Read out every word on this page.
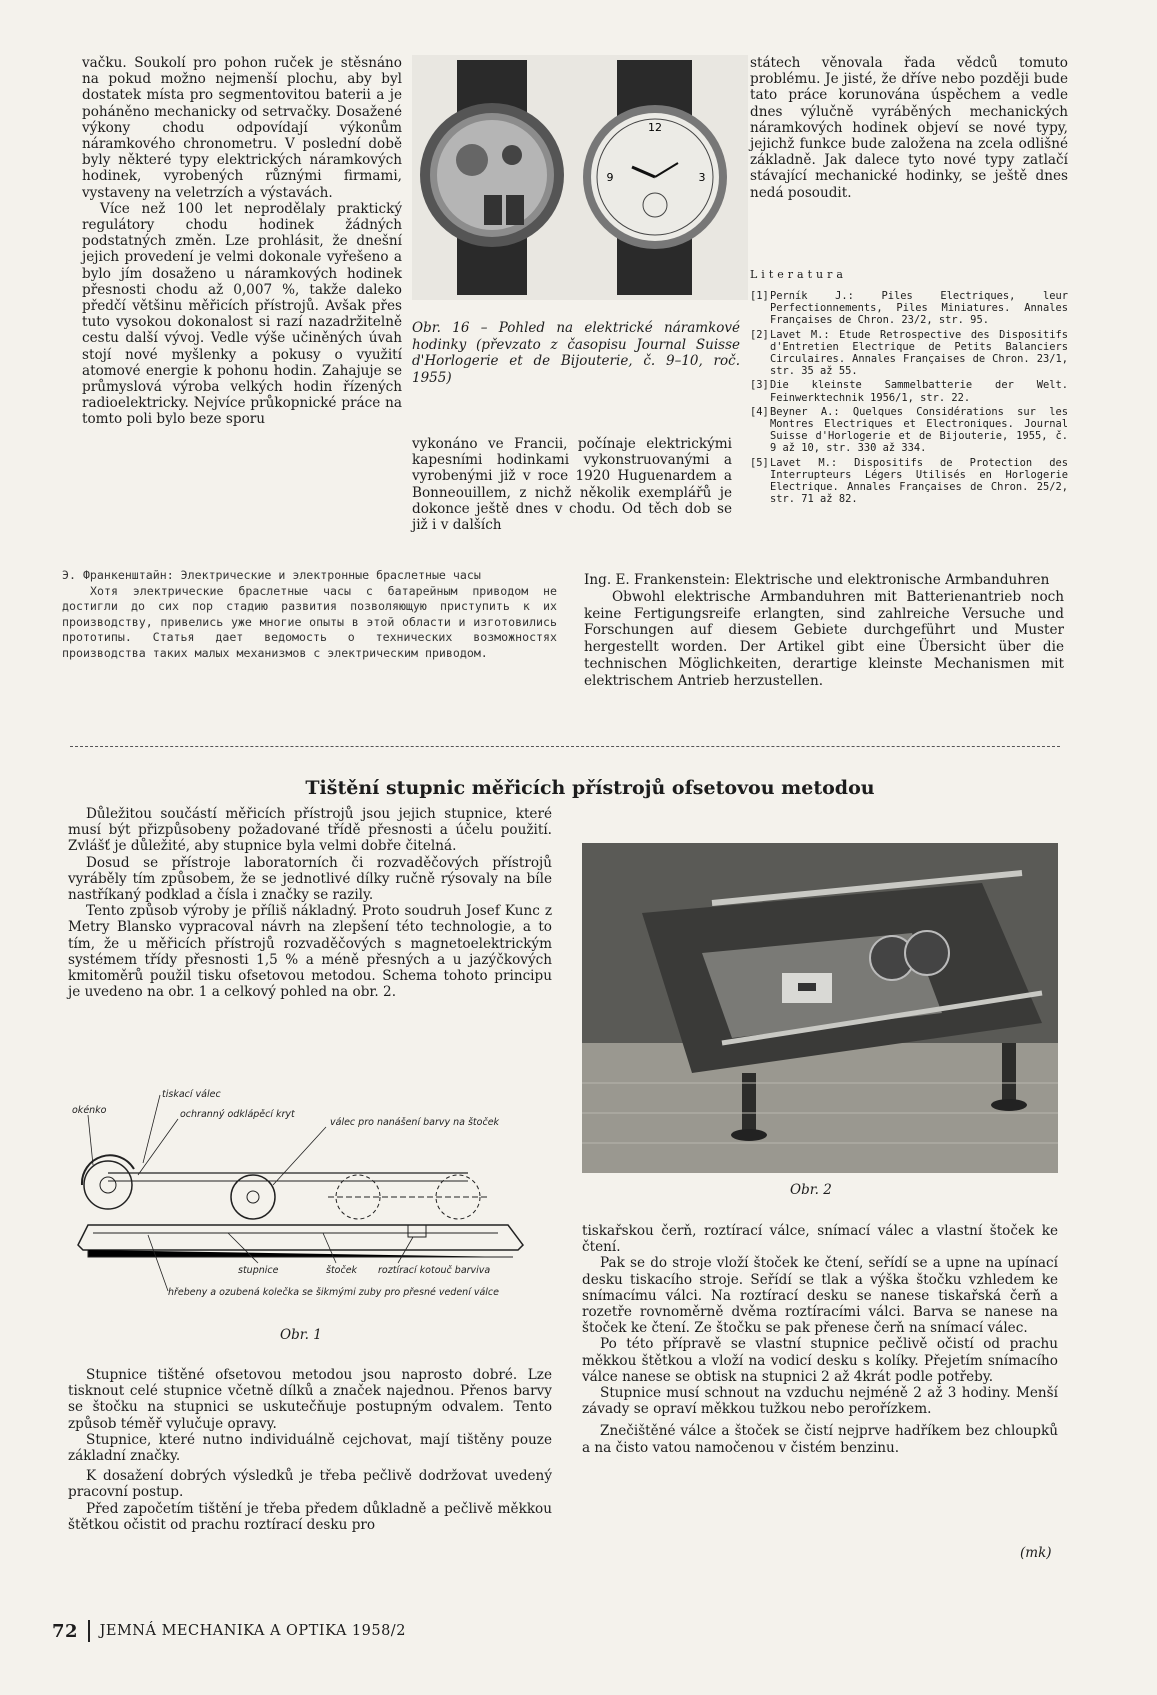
vačku. Soukolí pro pohon ruček je stěsnáno na pokud možno nejmenší plochu, aby byl dostatek místa pro segmentovitou baterii a je poháněno mechanicky od setrvačky. Dosažené výkony chodu odpovídají výkonům náramkového chronometru. V poslední době byly některé typy elektrických náramkových hodinek, vyrobených různými firmami, vystaveny na veletrzích a výstavách.

Více než 100 let neprodělaly praktický regulátory chodu hodinek žádných podstatných změn. Lze prohlásit, že dnešní jejich provedení je velmi dokonale vyřešeno a bylo jím dosaženo u náramkových hodinek přesnosti chodu až 0,007 %, takže daleko předčí většinu měřicích přístrojů. Avšak přes tuto vysokou dokonalost si razí nazadržitelně cestu další vývoj. Vedle výše učiněných úvah stojí nové myšlenky a pokusy o využití atomové energie k pohonu hodin. Zahajuje se průmyslová výroba velkých hodin řízených radioelektricky. Nejvíce průkopnické práce na tomto poli bylo beze sporu

12
3
9
Obr. 16 – Pohled na elektrické náramkové hodinky (převzato z časopisu Journal Suisse d'Horlogerie et de Bijouterie, č. 9–10, roč. 1955)

vykonáno ve Francii, počínaje elektrickými kapesními hodinkami vykonstruovanými a vyrobenými již v roce 1920 Huguenardem a Bonneouillem, z nichž několik exemplářů je dokonce ještě dnes v chodu. Od těch dob se již i v dalších

státech věnovala řada vědců tomuto problému. Je jisté, že dříve nebo později bude tato práce korunována úspěchem a vedle dnes výlučně vyráběných mechanických náramkových hodinek objeví se nové typy, jejichž funkce bude založena na zcela odlišné základně. Jak dalece tyto nové typy zatlačí stávající mechanické hodinky, se ještě dnes nedá posoudit.

Literatura
[1] Perník J.: Piles Electriques, leur Perfectionnements, Piles Miniatures. Annales Françaises de Chron. 23/2, str. 95.
[2] Lavet M.: Etude Retrospective des Dispositifs d'Entretien Electrique de Petits Balanciers Circulaires. Annales Françaises de Chron. 23/1, str. 35 až 55.
[3] Die kleinste Sammelbatterie der Welt. Feinwerktechnik 1956/1, str. 22.
[4] Beyner A.: Quelques Considérations sur les Montres Electriques et Electroniques. Journal Suisse d'Horlogerie et de Bijouterie, 1955, č. 9 až 10, str. 330 až 334.
[5] Lavet M.: Dispositifs de Protection des Interrupteurs Légers Utilisés en Horlogerie Electrique. Annales Françaises de Chron. 25/2, str. 71 až 82.
Э. Франкенштайн: Электрические и электронные браслетные часы
Хотя электрические браслетные часы с батарейным приводом не достигли до сих пор стадию развития позволяющую приступить к их производству, привелись уже многие опыты в этой области и изготовились прототипы. Статья дает ведомость о технических возможностях производства таких малых механизмов с электрическим приводом.
Ing. E. Frankenstein: Elektrische und elektronische Armbanduhren
Obwohl elektrische Armbanduhren mit Batterienantrieb noch keine Fertigungsreife erlangten, sind zahlreiche Versuche und Forschungen auf diesem Gebiete durchgeführt und Muster hergestellt worden. Der Artikel gibt eine Übersicht über die technischen Möglichkeiten, derartige kleinste Mechanismen mit elektrischem Antrieb herzustellen.
Tištění stupnic měřicích přístrojů ofsetovou metodou

Důležitou součástí měřicích přístrojů jsou jejich stupnice, které musí být přizpůsobeny požadované třídě přesnosti a účelu použití. Zvlášť je důležité, aby stupnice byla velmi dobře čitelná.

Dosud se přístroje laboratorních či rozvaděčových přístrojů vyráběly tím způsobem, že se jednotlivé dílky ručně rýsovaly na bíle nastříkaný podklad a čísla i značky se razily.

Tento způsob výroby je příliš nákladný. Proto soudruh Josef Kunc z Metry Blansko vypracoval návrh na zlepšení této technologie, a to tím, že u měřicích přístrojů rozvaděčových s magnetoelektrickým systémem třídy přesnosti 1,5 % a méně přesných a u jazýčkových kmitoměrů použil tisku ofsetovou metodou. Schema tohoto principu je uvedeno na obr. 1 a celkový pohled na obr. 2.

tiskací válec
okénko	ochranný odklápěcí kryt
válec pro nanášení barvy na štoček
stupnice	štoček roztírací kotouč barviva
hřebeny a ozubená kolečka se šikmými zuby pro přesné vedení válce
Obr. 1

Stupnice tištěné ofsetovou metodou jsou naprosto dobré. Lze tisknout celé stupnice včetně dílků a značek najednou. Přenos barvy se štočku na stupnici se uskutečňuje postupným odvalem. Tento způsob téměř vylučuje opravy.

Stupnice, které nutno individuálně cejchovat, mají tištěny pouze základní značky.

K dosažení dobrých výsledků je třeba pečlivě dodržovat uvedený pracovní postup.

Před započetím tištění je třeba předem důkladně a pečlivě měkkou štětkou očistit od prachu roztírací desku pro

Obr. 2

tiskařskou čerň, roztírací válce, snímací válec a vlastní štoček ke čtení.

Pak se do stroje vloží štoček ke čtení, seřídí se a upne na upínací desku tiskacího stroje. Seřídí se tlak a výška štočku vzhledem ke snímacímu válci. Na roztírací desku se nanese tiskařská čerň a rozetře rovnoměrně dvěma roztíracími válci. Barva se nanese na štoček ke čtení. Ze štočku se pak přenese čerň na snímací válec.

Po této přípravě se vlastní stupnice pečlivě očistí od prachu měkkou štětkou a vloží na vodicí desku s kolíky. Přejetím snímacího válce nanese se obtisk na stupnici 2 až 4krát podle potřeby.

Stupnice musí schnout na vzduchu nejméně 2 až 3 hodiny. Menší závady se opraví měkkou tužkou nebo perořízkem.

Znečištěné válce a štoček se čistí nejprve hadříkem bez chloupků a na čisto vatou namočenou v čistém benzinu.

(mk)
72 JEMNÁ MECHANIKA A OPTIKA 1958/2
